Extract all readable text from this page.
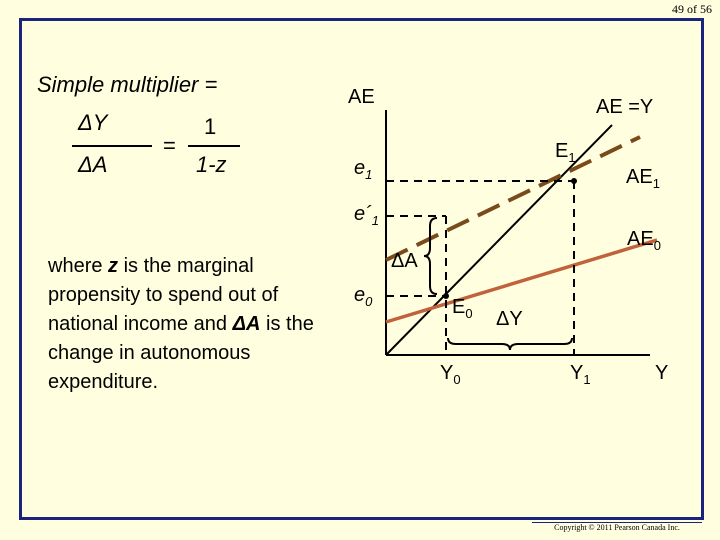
49 of 56
Simple multiplier =
ΔY
ΔA
=
1
1-z
where z is the marginal propensity to spend out of national income and ΔA is the change in autonomous expenditure.
AE
Y
AE =Y
$AE_1$
$AE_0$
$e_1$
$e´_1$
$e_0$
$E_1$
$E_0$
$Y_0$	$Y_1$
ΔA
ΔY
Copyright © 2011 Pearson Canada Inc.
